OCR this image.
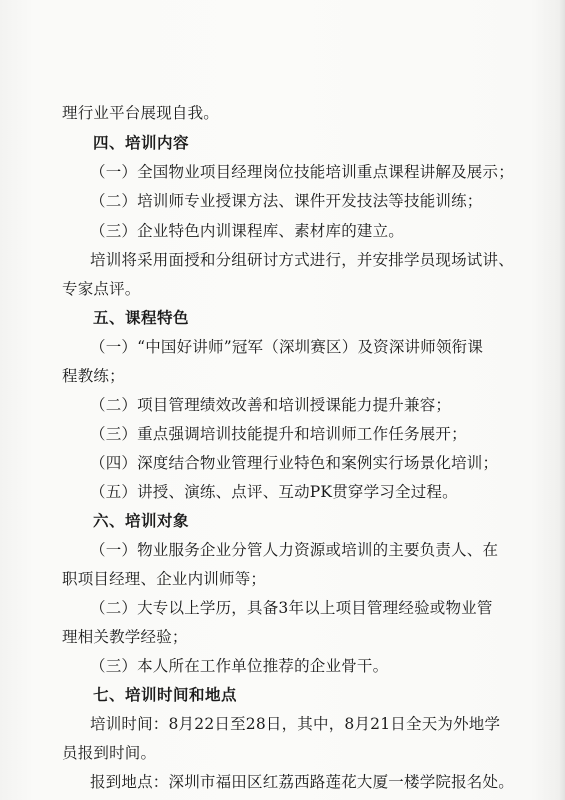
理行业平台展现自我。
四、培训内容
（一）全国物业项目经理岗位技能培训重点课程讲解及展示；
（二）培训师专业授课方法、课件开发技法等技能训练；
（三）企业特色内训课程库、素材库的建立。
培训将采用面授和分组研讨方式进行，并安排学员现场试讲、
专家点评。
五、课程特色
（一）“中国好讲师”冠军（深圳赛区）及资深讲师领衔课
程教练；
（二）项目管理绩效改善和培训授课能力提升兼容；
（三）重点强调培训技能提升和培训师工作任务展开；
（四）深度结合物业管理行业特色和案例实行场景化培训；
（五）讲授、演练、点评、互动PK贯穿学习全过程。
六、培训对象
（一）物业服务企业分管人力资源或培训的主要负责人、在
职项目经理、企业内训师等；
（二）大专以上学历，具备3年以上项目管理经验或物业管
理相关教学经验；
（三）本人所在工作单位推荐的企业骨干。
七、培训时间和地点
培训时间：8月22日至28日，其中，8月21日全天为外地学
员报到时间。
报到地点：深圳市福田区红荔西路莲花大厦一楼学院报名处。
